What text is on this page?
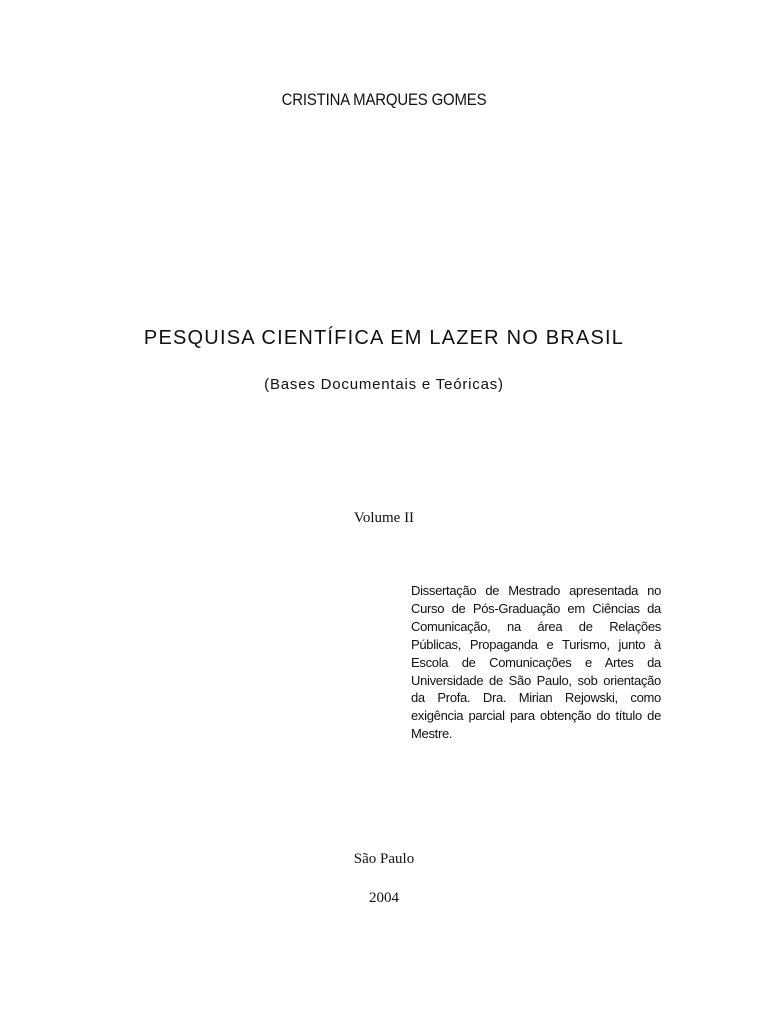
CRISTINA MARQUES GOMES
PESQUISA CIENTÍFICA EM LAZER NO BRASIL
(Bases Documentais e Teóricas)
Volume II
Dissertação de Mestrado apresentada no Curso de Pós-Graduação em Ciências da Comunicação, na área de Relações Públicas, Propaganda e Turismo, junto à Escola de Comunicações e Artes da Universidade de São Paulo, sob orientação da Profa. Dra. Mirian Rejowski, como exigência parcial para obtenção do título de Mestre.
São Paulo
2004
